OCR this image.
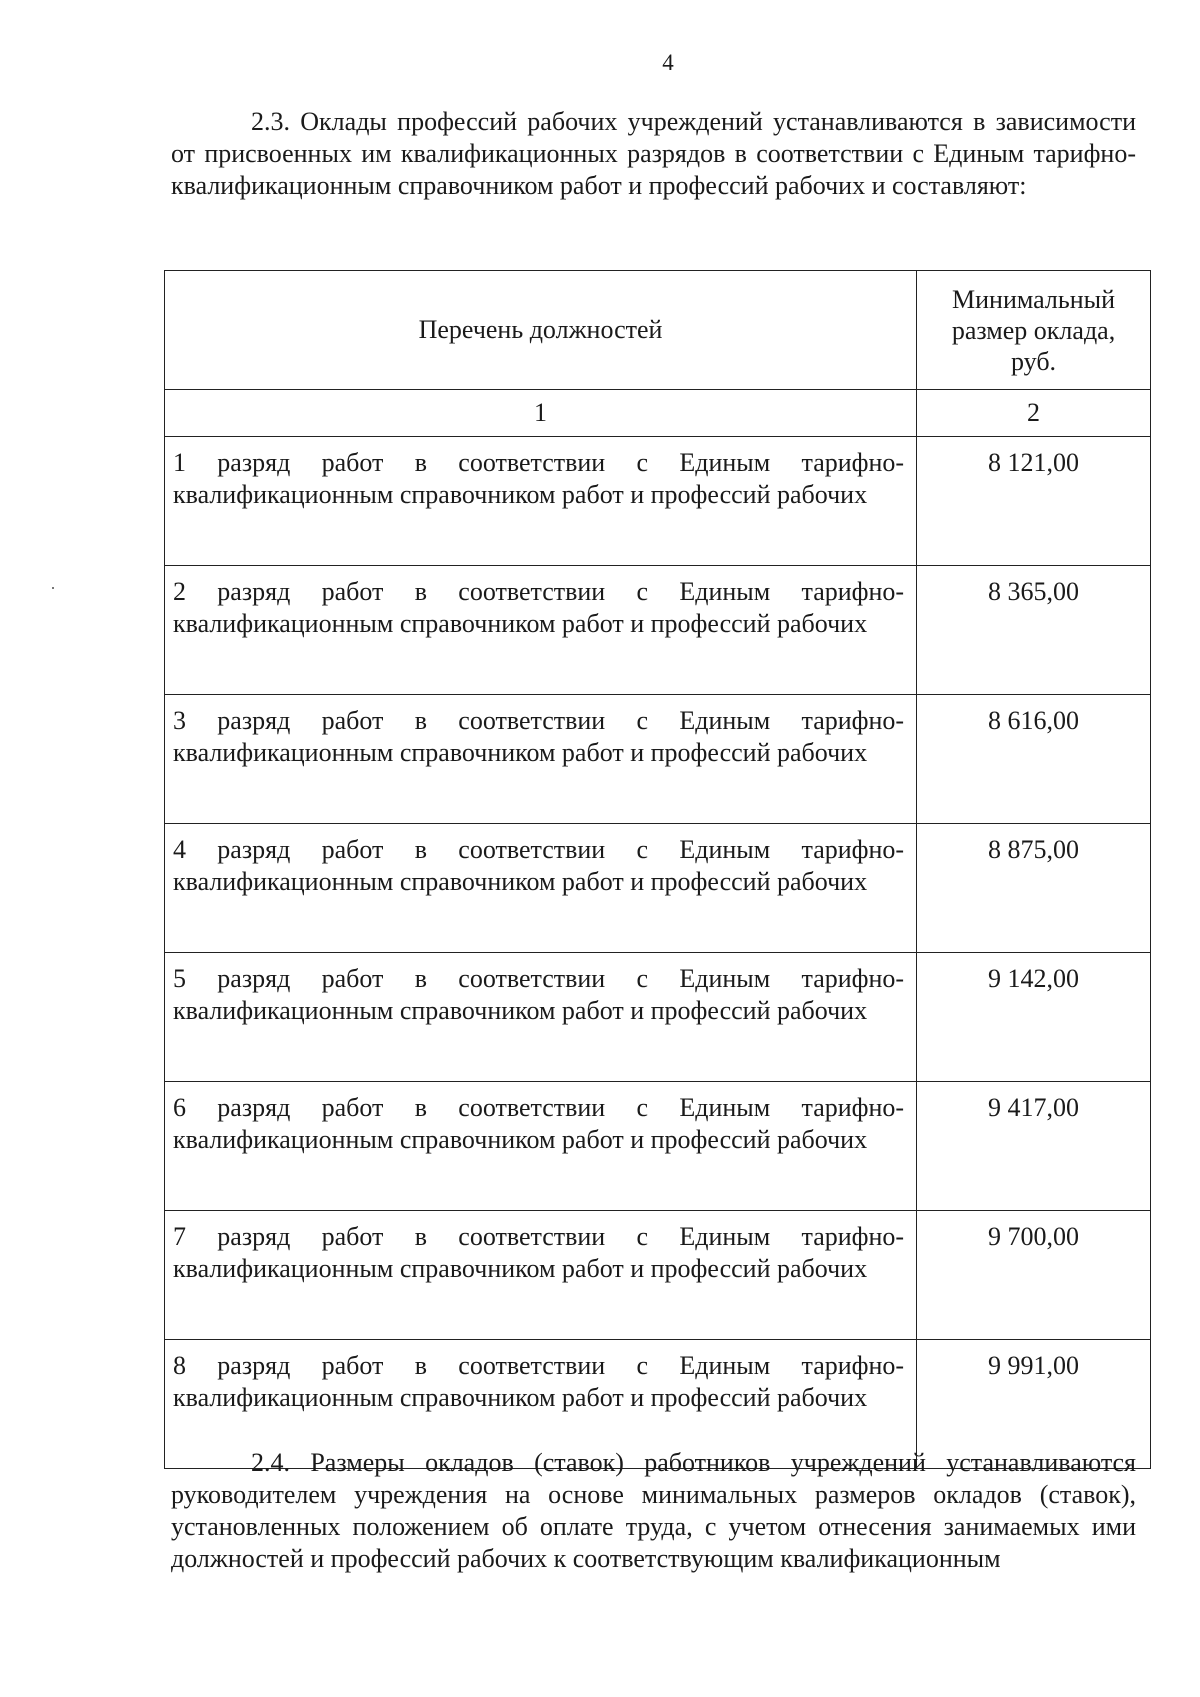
4

2.3. Оклады профессий рабочих учреждений устанавливаются в зависимости от присвоенных им квалификационных разрядов в соответствии с Единым тарифно-квалификационным справочником работ и профессий рабочих и составляют:

Перечень должностей	Минимальный размер оклада, руб.
1	2
1 разряд работ в соответствии с Единым тарифно-квалификационным справочником работ и профессий рабочих	8 121,00
2 разряд работ в соответствии с Единым тарифно-квалификационным справочником работ и профессий рабочих	8 365,00
3 разряд работ в соответствии с Единым тарифно-квалификационным справочником работ и профессий рабочих	8 616,00
4 разряд работ в соответствии с Единым тарифно-квалификационным справочником работ и профессий рабочих	8 875,00
5 разряд работ в соответствии с Единым тарифно-квалификационным справочником работ и профессий рабочих	9 142,00
6 разряд работ в соответствии с Единым тарифно-квалификационным справочником работ и профессий рабочих	9 417,00
7 разряд работ в соответствии с Единым тарифно-квалификационным справочником работ и профессий рабочих	9 700,00
8 разряд работ в соответствии с Единым тарифно-квалификационным справочником работ и профессий рабочих	9 991,00

2.4. Размеры окладов (ставок) работников учреждений устанавливаются руководителем учреждения на основе минимальных размеров окладов (ставок), установленных положением об оплате труда, с учетом отнесения занимаемых ими должностей и профессий рабочих к соответствующим квалификационным
